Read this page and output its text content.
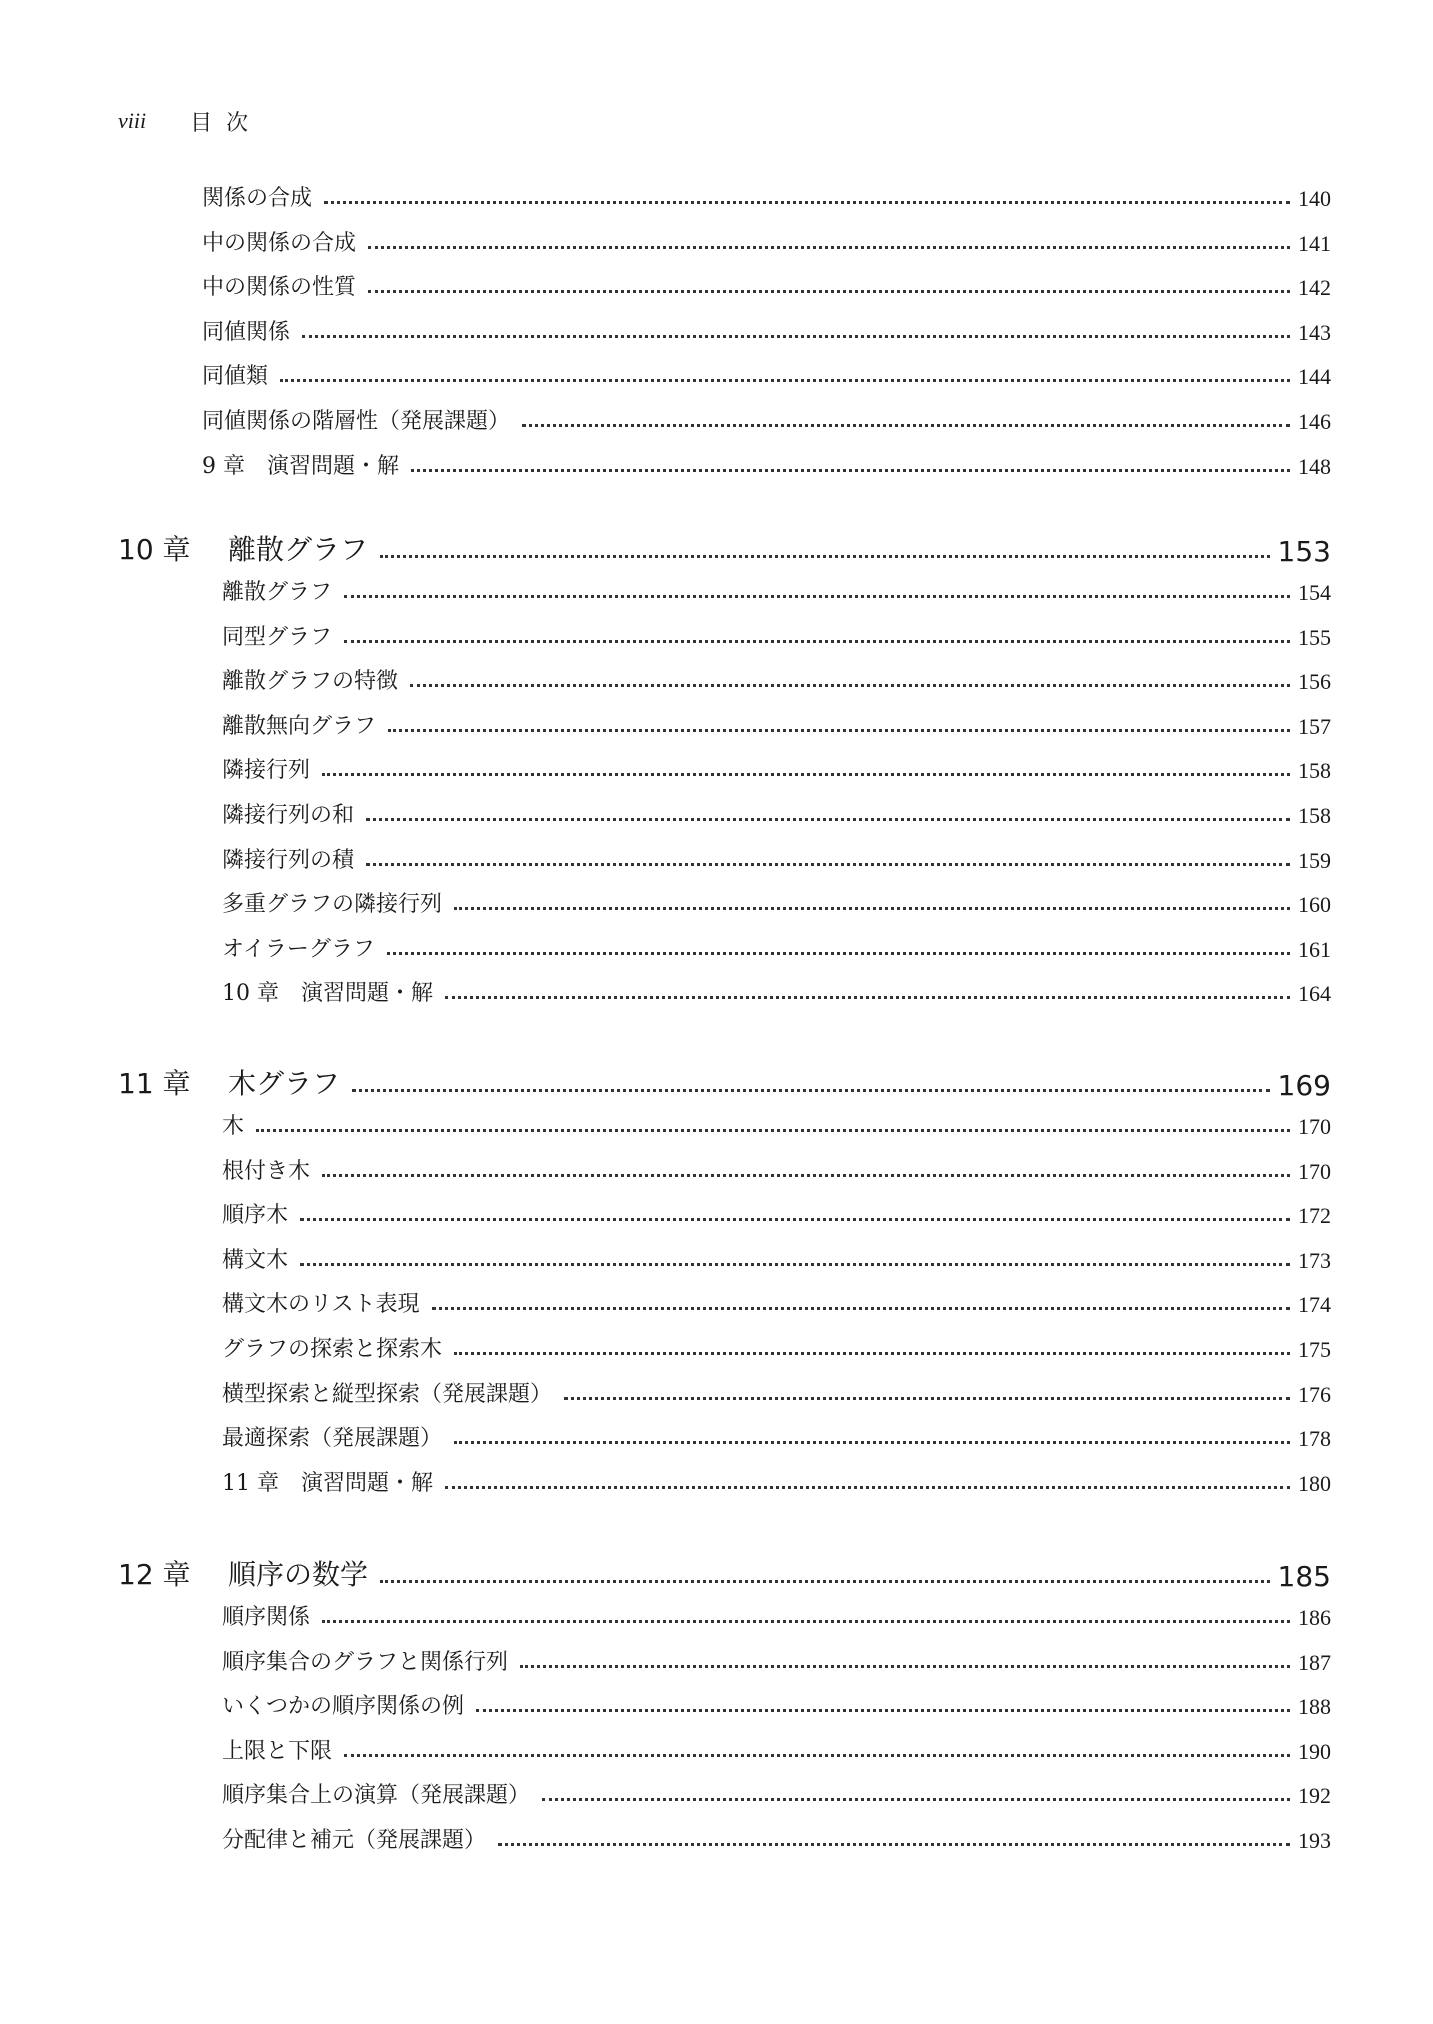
viii 目次
関係の合成	140
中の関係の合成	141
中の関係の性質	142
同値関係	143
同値類	144
同値関係の階層性（発展課題）	146
9 章　演習問題・解	148
10 章 離散グラフ	153
離散グラフ	154
同型グラフ	155
離散グラフの特徴	156
離散無向グラフ	157
隣接行列	158
隣接行列の和	158
隣接行列の積	159
多重グラフの隣接行列	160
オイラーグラフ	161
10 章　演習問題・解	164
11 章 木グラフ	169
木	170
根付き木	170
順序木	172
構文木	173
構文木のリスト表現	174
グラフの探索と探索木	175
横型探索と縦型探索（発展課題）	176
最適探索（発展課題）	178
11 章　演習問題・解	180
12 章 順序の数学	185
順序関係	186
順序集合のグラフと関係行列	187
いくつかの順序関係の例	188
上限と下限	190
順序集合上の演算（発展課題）	192
分配律と補元（発展課題）	193
